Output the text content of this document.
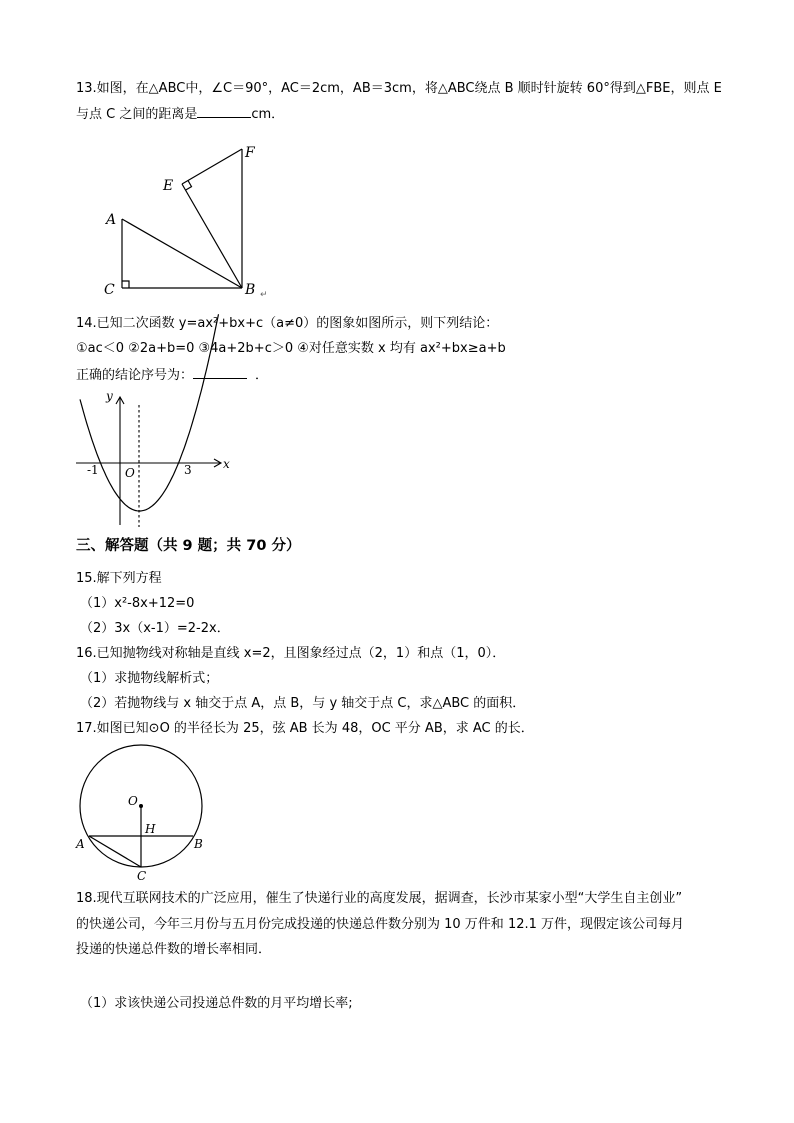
13.如图，在△ABC中，∠C＝90°，AC＝2cm，AB＝3cm，将△ABC绕点 B 顺时针旋转 60°得到△FBE，则点 E
与点 C 之间的距离是	cm．
F
E
A
C	B ↵
14.已知二次函数 y=ax²+bx+c（a≠0）的图象如图所示，则下列结论：
①ac＜0 ②2a+b=0 ③4a+2b+c＞0 ④对任意实数 x 均有 ax²+bx≥a+b
正确的结论序号为：	．
y
x
O
-1	3
三、解答题（共 9 题；共 70 分）
15.解下列方程
（1）x²-8x+12=0
（2）3x（x-1）=2-2x．
16.已知抛物线对称轴是直线 x=2，且图象经过点（2，1）和点（1，0）．
（1）求抛物线解析式；
（2）若抛物线与 x 轴交于点 A，点 B，与 y 轴交于点 C，求△ABC 的面积．
17.如图已知⊙O 的半径长为 25，弦 AB 长为 48，OC 平分 AB，求 AC 的长．
O
H
A	B
C
18.现代互联网技术的广泛应用，催生了快递行业的高度发展，据调查，长沙市某家小型“大学生自主创业”
的快递公司，今年三月份与五月份完成投递的快递总件数分别为 10 万件和 12.1 万件，现假定该公司每月
投递的快递总件数的增长率相同．
（1）求该快递公司投递总件数的月平均增长率;
